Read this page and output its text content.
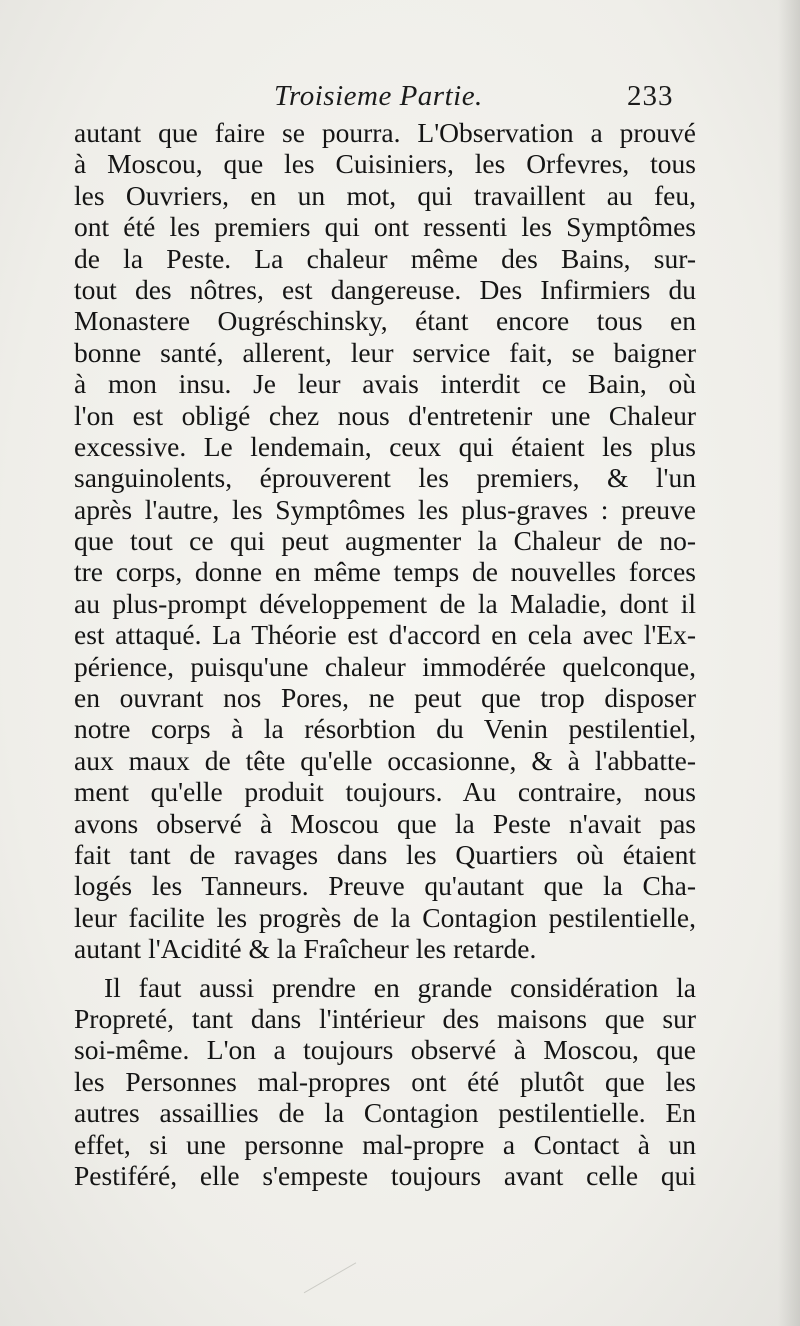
Troisieme Partie.	233
autant que faire se pourra. L'Observation a prouvé
à Moscou, que les Cuisiniers, les Orfevres, tous
les Ouvriers, en un mot, qui travaillent au feu,
ont été les premiers qui ont ressenti les Symptômes
de la Peste. La chaleur même des Bains, sur-
tout des nôtres, est dangereuse. Des Infirmiers du
Monastere Ougréschinsky, étant encore tous en
bonne santé, allerent, leur service fait, se baigner
à mon insu. Je leur avais interdit ce Bain, où
l'on est obligé chez nous d'entretenir une Chaleur
excessive. Le lendemain, ceux qui étaient les plus
sanguinolents, éprouverent les premiers, & l'un
après l'autre, les Symptômes les plus-graves : preuve
que tout ce qui peut augmenter la Chaleur de no-
tre corps, donne en même temps de nouvelles forces
au plus-prompt développement de la Maladie, dont il
est attaqué. La Théorie est d'accord en cela avec l'Ex-
périence, puisqu'une chaleur immodérée quelconque,
en ouvrant nos Pores, ne peut que trop disposer
notre corps à la résorbtion du Venin pestilentiel,
aux maux de tête qu'elle occasionne, & à l'abbatte-
ment qu'elle produit toujours. Au contraire, nous
avons observé à Moscou que la Peste n'avait pas
fait tant de ravages dans les Quartiers où étaient
logés les Tanneurs. Preuve qu'autant que la Cha-
leur facilite les progrès de la Contagion pestilentielle,
autant l'Acidité & la Fraîcheur les retarde.
Il faut aussi prendre en grande considération la
Propreté, tant dans l'intérieur des maisons que sur
soi-même. L'on a toujours observé à Moscou, que
les Personnes mal-propres ont été plutôt que les
autres assaillies de la Contagion pestilentielle. En
effet, si une personne mal-propre a Contact à un
Pestiféré, elle s'empeste toujours avant celle qui
